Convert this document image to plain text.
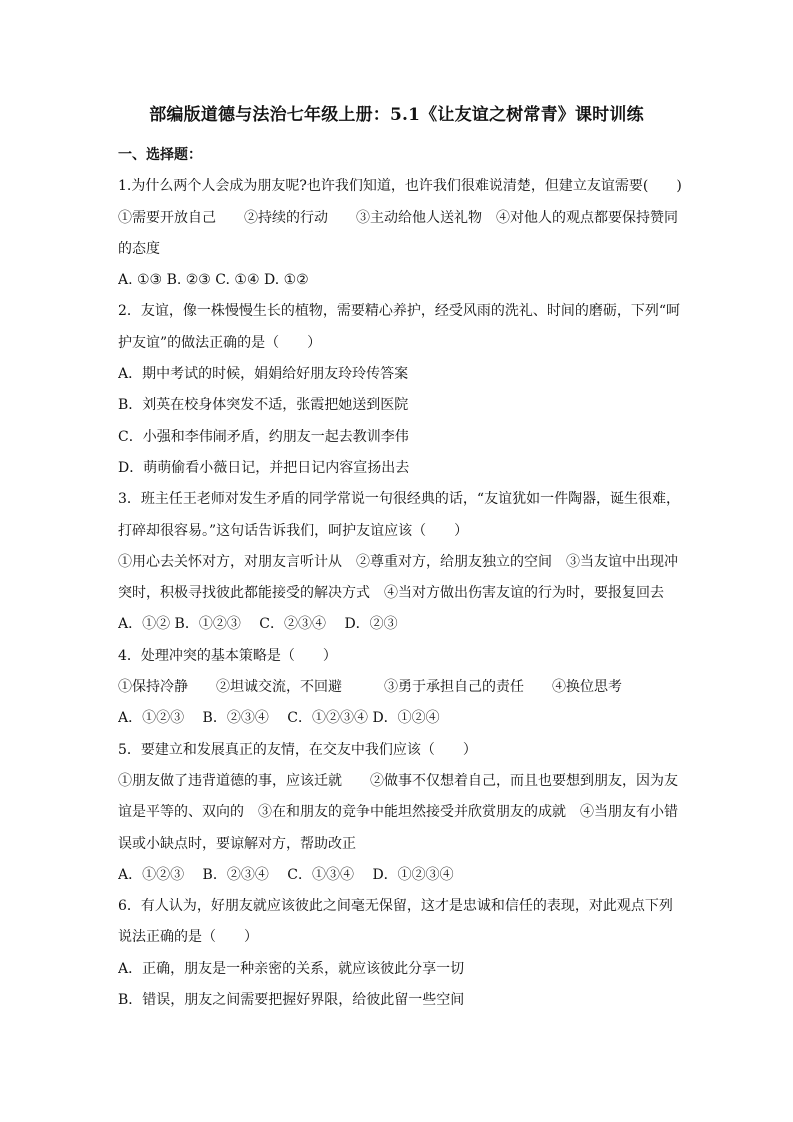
部编版道德与法治七年级上册：5.1《让友谊之树常青》课时训练
一、选择题：
1.为什么两个人会成为朋友呢?也许我们知道，也许我们很难说清楚，但建立友谊需要(　　)
①需要开放自己　　②持续的行动　　③主动给他人送礼物　④对他人的观点都要保持赞同
的态度
A. ①③ B. ②③ C. ①④ D. ①②
2．友谊，像一株慢慢生长的植物，需要精心养护，经受风雨的洗礼、时间的磨砺，下列“呵
护友谊”的做法正确的是（　　）
A．期中考试的时候，娟娟给好朋友玲玲传答案
B．刘英在校身体突发不适，张霞把她送到医院
C．小强和李伟闹矛盾，约朋友一起去教训李伟
D．萌萌偷看小薇日记，并把日记内容宣扬出去
3．班主任王老师对发生矛盾的同学常说一句很经典的话，“友谊犹如一件陶器，诞生很难，
打碎却很容易。”这句话告诉我们，呵护友谊应该（　　）
①用心去关怀对方，对朋友言听计从　②尊重对方，给朋友独立的空间　③当友谊中出现冲
突时，积极寻找彼此都能接受的解决方式　④当对方做出伤害友谊的行为时，要报复回去
A．①② B．①②③　 C．②③④　 D．②③
4．处理冲突的基本策略是（　　）
①保持冷静　　②坦诚交流，不回避　　　③勇于承担自己的责任　　④换位思考
A．①②③　 B．②③④　 C．①②③④ D．①②④
5．要建立和发展真正的友情，在交友中我们应该（　　）
①朋友做了违背道德的事，应该迁就　　②做事不仅想着自己，而且也要想到朋友，因为友
谊是平等的、双向的　③在和朋友的竞争中能坦然接受并欣赏朋友的成就　④当朋友有小错
误或小缺点时，要谅解对方，帮助改正
A．①②③　 B．②③④　 C．①③④　 D．①②③④
6．有人认为，好朋友就应该彼此之间毫无保留，这才是忠诚和信任的表现，对此观点下列
说法正确的是（　　）
A．正确，朋友是一种亲密的关系，就应该彼此分享一切
B．错误，朋友之间需要把握好界限，给彼此留一些空间
